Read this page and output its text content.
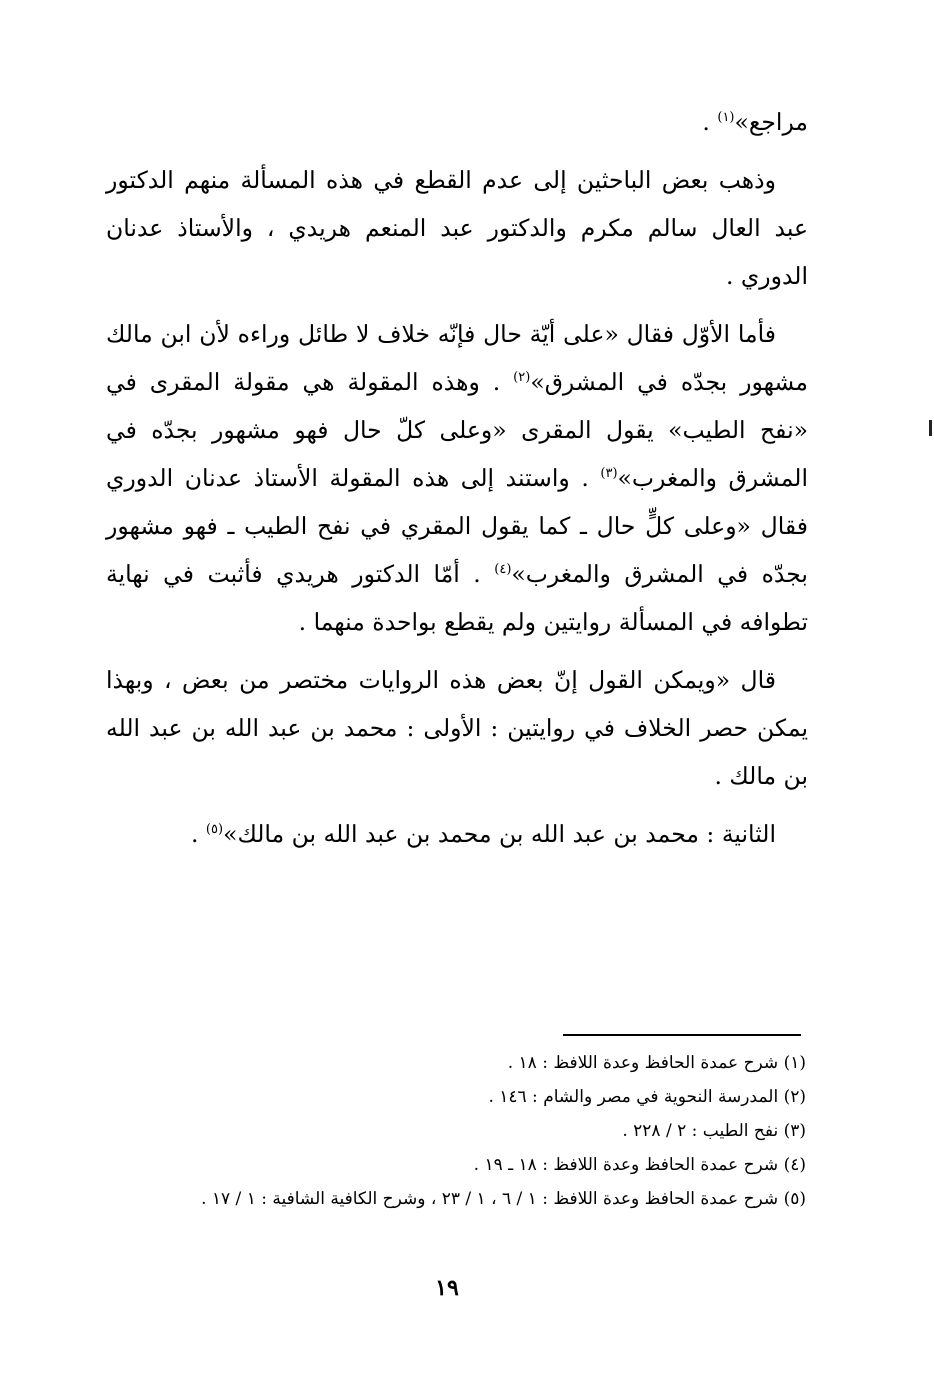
مراجع»$^{(١)}$ .

وذهب بعض الباحثين إلى عدم القطع في هذه المسألة منهم الدكتور عبد العال سالم مكرم والدكتور عبد المنعم هريدي ، والأستاذ عدنان الدوري .

فأما الأوّل فقال «على أيّة حال فإنّه خلاف لا طائل وراءه لأن ابن مالك مشهور بجدّه في المشرق»$^{(٢)}$ . وهذه المقولة هي مقولة المقرى في «نفح الطيب» يقول المقرى «وعلى كلّ حال فهو مشهور بجدّه في المشرق والمغرب»$^{(٣)}$ . واستند إلى هذه المقولة الأستاذ عدنان الدوري فقال «وعلى كلٍّ حال ـ كما يقول المقري في نفح الطيب ـ فهو مشهور بجدّه في المشرق والمغرب»$^{(٤)}$ . أمّا الدكتور هريدي فأثبت في نهاية تطوافه في المسألة روايتين ولم يقطع بواحدة منهما .

قال «ويمكن القول إنّ بعض هذه الروايات مختصر من بعض ، وبهذا يمكن حصر الخلاف في روايتين : الأولى : محمد بن عبد الله بن عبد الله بن مالك .

الثانية : محمد بن عبد الله بن محمد بن عبد الله بن مالك»$^{(٥)}$ .

(١) شرح عمدة الحافظ وعدة اللافظ : ١٨ .

(٢) المدرسة النحوية في مصر والشام : ١٤٦ .

(٣) نفح الطيب : ٢ / ٢٢٨ .

(٤) شرح عمدة الحافظ وعدة اللافظ : ١٨ ـ ١٩ .

(٥) شرح عمدة الحافظ وعدة اللافظ : ١ / ٦ ، ١ / ٢٣ ، وشرح الكافية الشافية : ١ / ١٧ .

١٩
